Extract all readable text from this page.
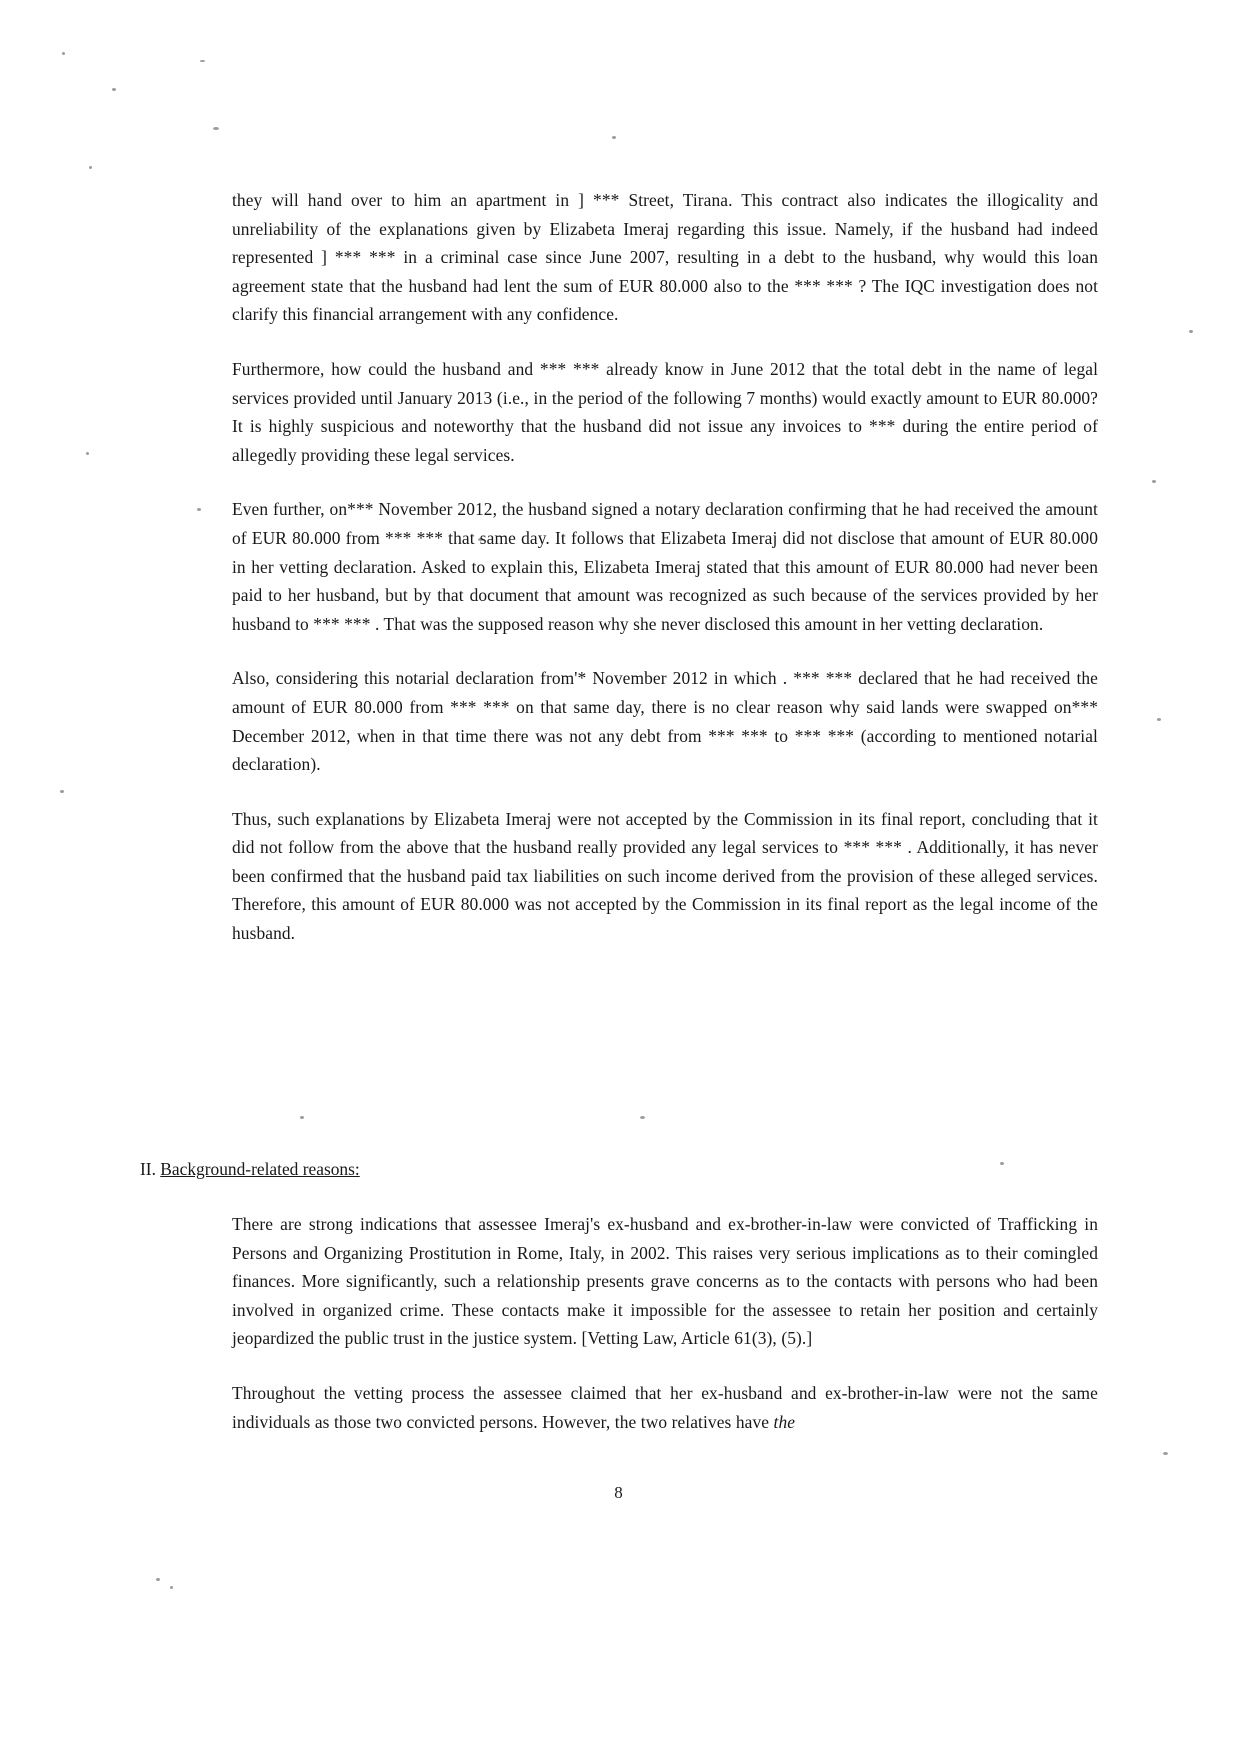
they will hand over to him an apartment in ] *** Street, Tirana. This contract also indicates the illogicality and unreliability of the explanations given by Elizabeta Imeraj regarding this issue. Namely, if the husband had indeed represented ] *** *** in a criminal case since June 2007, resulting in a debt to the husband, why would this loan agreement state that the husband had lent the sum of EUR 80.000 also to the *** *** ? The IQC investigation does not clarify this financial arrangement with any confidence.

Furthermore, how could the husband and *** *** already know in June 2012 that the total debt in the name of legal services provided until January 2013 (i.e., in the period of the following 7 months) would exactly amount to EUR 80.000? It is highly suspicious and noteworthy that the husband did not issue any invoices to *** during the entire period of allegedly providing these legal services.

Even further, on*** November 2012, the husband signed a notary declaration confirming that he had received the amount of EUR 80.000 from *** *** that same day. It follows that Elizabeta Imeraj did not disclose that amount of EUR 80.000 in her vetting declaration. Asked to explain this, Elizabeta Imeraj stated that this amount of EUR 80.000 had never been paid to her husband, but by that document that amount was recognized as such because of the services provided by her husband to *** *** . That was the supposed reason why she never disclosed this amount in her vetting declaration.

Also, considering this notarial declaration from'* November 2012 in which . *** *** declared that he had received the amount of EUR 80.000 from *** *** on that same day, there is no clear reason why said lands were swapped on*** December 2012, when in that time there was not any debt from *** *** to *** *** (according to mentioned notarial declaration).

Thus, such explanations by Elizabeta Imeraj were not accepted by the Commission in its final report, concluding that it did not follow from the above that the husband really provided any legal services to *** *** . Additionally, it has never been confirmed that the husband paid tax liabilities on such income derived from the provision of these alleged services. Therefore, this amount of EUR 80.000 was not accepted by the Commission in its final report as the legal income of the husband.

II. Background-related reasons:

There are strong indications that assessee Imeraj's ex-husband and ex-brother-in-law were convicted of Trafficking in Persons and Organizing Prostitution in Rome, Italy, in 2002. This raises very serious implications as to their comingled finances. More significantly, such a relationship presents grave concerns as to the contacts with persons who had been involved in organized crime. These contacts make it impossible for the assessee to retain her position and certainly jeopardized the public trust in the justice system. [Vetting Law, Article 61(3), (5).]

Throughout the vetting process the assessee claimed that her ex-husband and ex-brother-in-law were not the same individuals as those two convicted persons. However, the two relatives have the

8
